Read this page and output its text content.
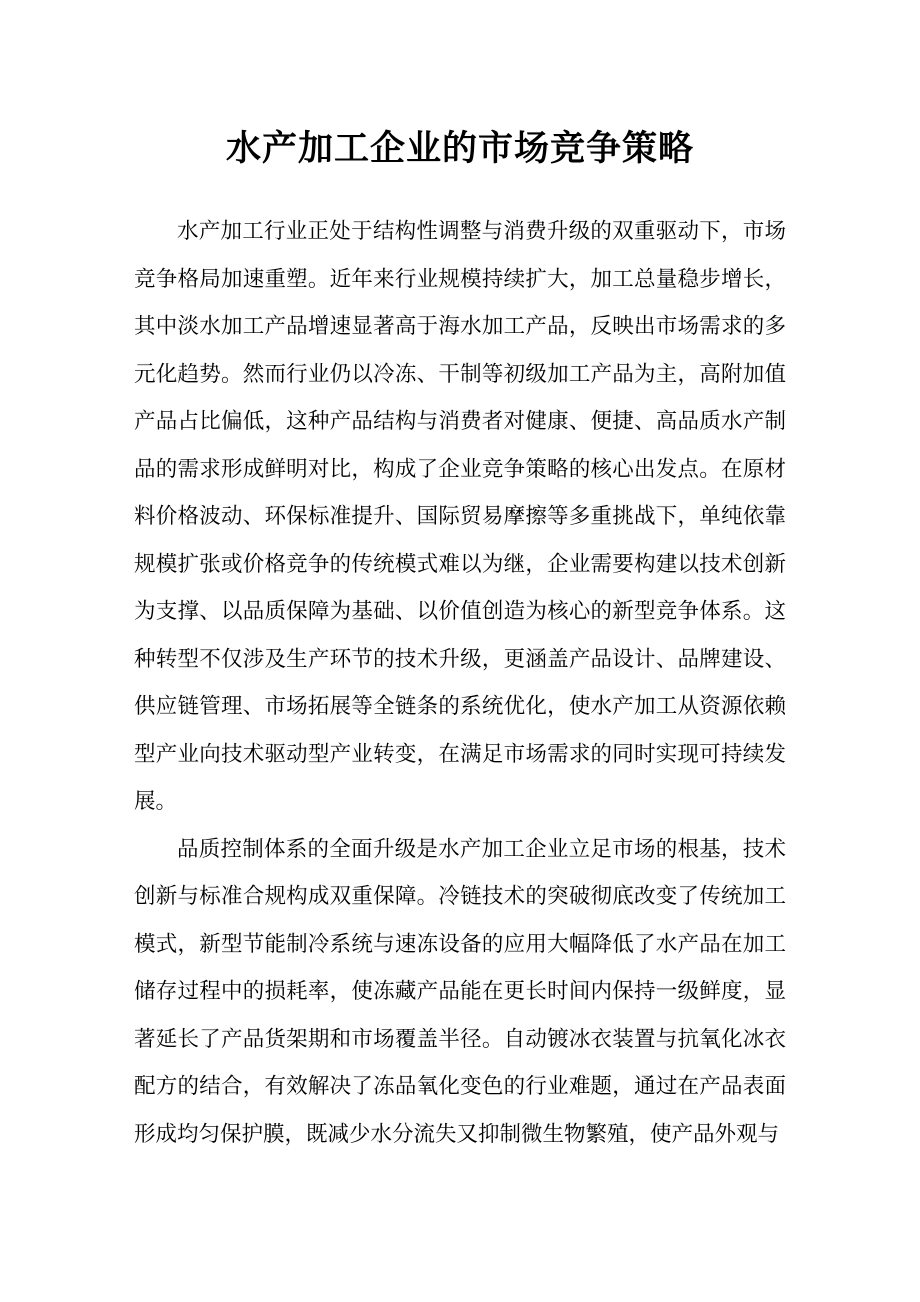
水产加工企业的市场竞争策略

水产加工行业正处于结构性调整与消费升级的双重驱动下，市场竞争格局加速重塑。近年来行业规模持续扩大，加工总量稳步增长，其中淡水加工产品增速显著高于海水加工产品，反映出市场需求的多元化趋势。然而行业仍以冷冻、干制等初级加工产品为主，高附加值产品占比偏低，这种产品结构与消费者对健康、便捷、高品质水产制品的需求形成鲜明对比，构成了企业竞争策略的核心出发点。在原材料价格波动、环保标准提升、国际贸易摩擦等多重挑战下，单纯依靠规模扩张或价格竞争的传统模式难以为继，企业需要构建以技术创新为支撑、以品质保障为基础、以价值创造为核心的新型竞争体系。这种转型不仅涉及生产环节的技术升级，更涵盖产品设计、品牌建设、供应链管理、市场拓展等全链条的系统优化，使水产加工从资源依赖型产业向技术驱动型产业转变，在满足市场需求的同时实现可持续发展。

品质控制体系的全面升级是水产加工企业立足市场的根基，技术创新与标准合规构成双重保障。冷链技术的突破彻底改变了传统加工模式，新型节能制冷系统与速冻设备的应用大幅降低了水产品在加工储存过程中的损耗率，使冻藏产品能在更长时间内保持一级鲜度，显著延长了产品货架期和市场覆盖半径。自动镀冰衣装置与抗氧化冰衣配方的结合，有效解决了冻品氧化变色的行业难题，通过在产品表面形成均匀保护膜，既减少水分流失又抑制微生物繁殖，使产品外观与
